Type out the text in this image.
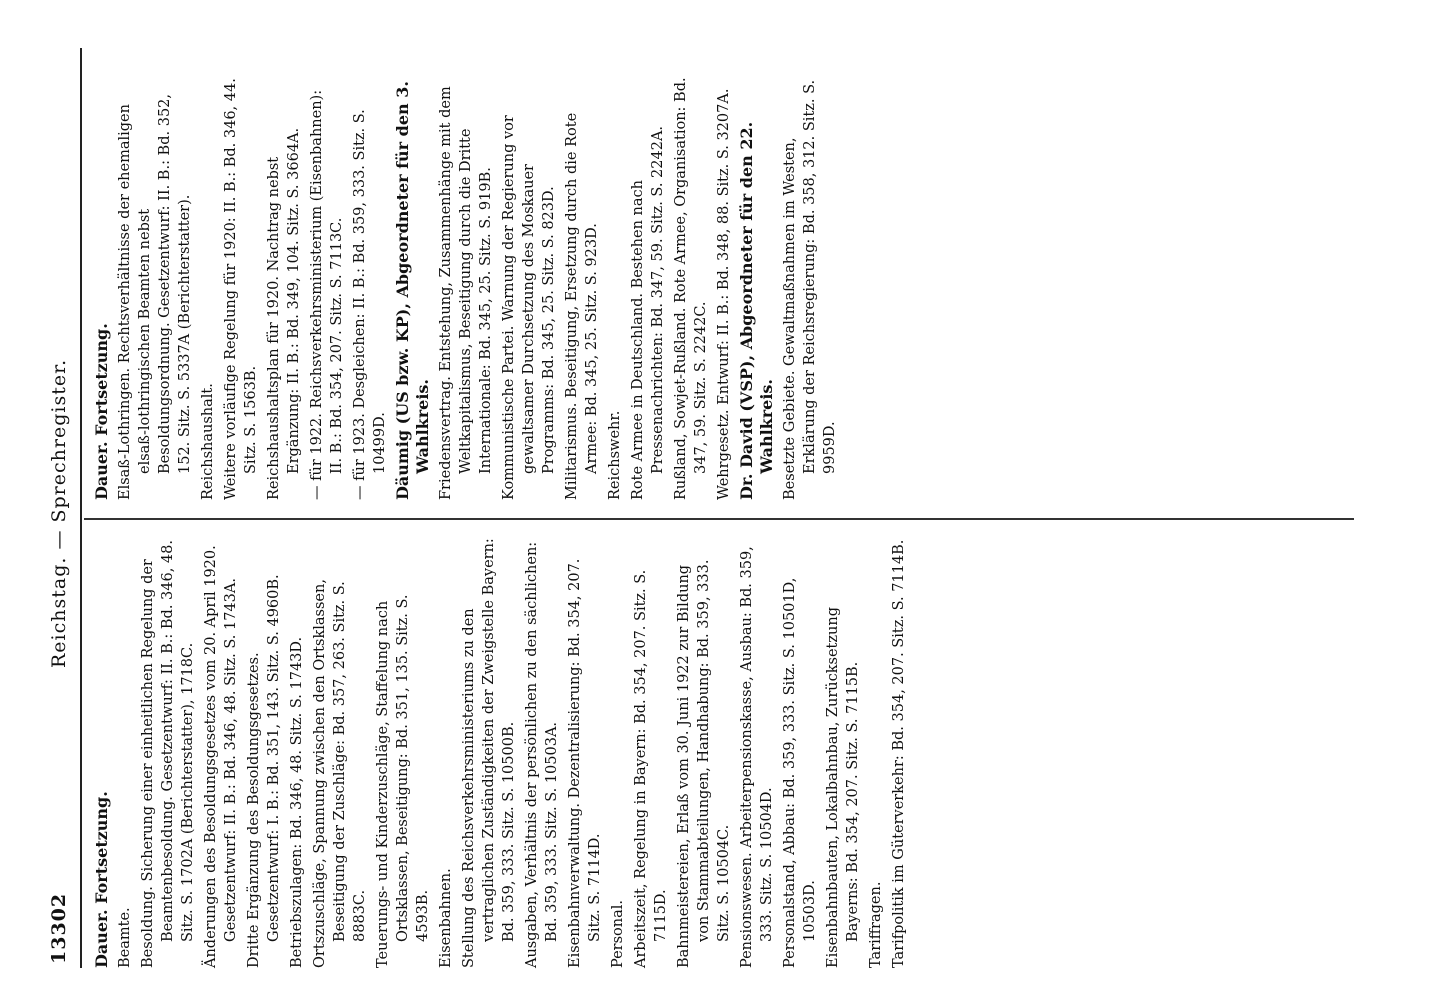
13302
Reichstag. — Sprechregister.

Dauer. Fortsetzung. Beamte. Besoldung. Sicherung einer einheitlichen Regelung der Beamtenbesoldung. Gesetzentwurf: II. B.: Bd. 346, 48. Sitz. S. 1702A (Berichterstatter), 1718C. Änderungen des Besoldungsgesetzes vom 20. April 1920. Gesetzentwurf: II. B.: Bd. 346, 48. Sitz. S. 1743A. Dritte Ergänzung des Besoldungsgesetzes. Gesetzentwurf: I. B.: Bd. 351, 143. Sitz. S. 4960B. Betriebszulagen: Bd. 346, 48. Sitz. S. 1743D. Ortszuschläge, Spannung zwischen den Ortsklassen, Beseitigung der Zuschläge: Bd. 357, 263. Sitz. S. 8883C. Teuerungs- und Kinderzuschläge, Staffelung nach Ortsklassen, Beseitigung: Bd. 351, 135. Sitz. S. 4593B. Eisenbahnen. Stellung des Reichsverkehrsministeriums zu den vertraglichen Zuständigkeiten der Zweigstelle Bayern: Bd. 359, 333. Sitz. S. 10500B. Ausgaben, Verhältnis der persönlichen zu den sächlichen: Bd. 359, 333. Sitz. S. 10503A. Eisenbahnverwaltung. Dezentralisierung: Bd. 354, 207. Sitz. S. 7114D. Personal. Arbeitszeit, Regelung in Bayern: Bd. 354, 207. Sitz. S. 7115D. Bahnmeistereien, Erlaß vom 30. Juni 1922 zur Bildung von Stammabteilungen, Handhabung: Bd. 359, 333. Sitz. S. 10504C. Pensionswesen. Arbeiterpensionskasse, Ausbau: Bd. 359, 333. Sitz. S. 10504D. Personalstand, Abbau: Bd. 359, 333. Sitz. S. 10501D, 10503D. Eisenbahnbauten, Lokalbahnbau, Zurücksetzung Bayerns: Bd. 354, 207. Sitz. S. 7115B. Tariffragen. Tarifpolitik im Güterverkehr: Bd. 354, 207. Sitz. S. 7114B.

Dauer. Fortsetzung. Elsaß-Lothringen. Rechtsverhältnisse der ehemaligen elsaß-lothringischen Beamten nebst Besoldungsordnung. Gesetzentwurf: II. B.: Bd. 352, 152. Sitz. S. 5337A (Berichterstatter). Reichshaushalt. Weitere vorläufige Regelung für 1920: II. B.: Bd. 346, 44. Sitz. S. 1563B. Reichshaushaltsplan für 1920. Nachtrag nebst Ergänzung: II. B.: Bd. 349, 104. Sitz. S. 3664A. — für 1922. Reichsverkehrsministerium (Eisenbahnen): II. B.: Bd. 354, 207. Sitz. S. 7113C. — für 1923. Desgleichen: II. B.: Bd. 359, 333. Sitz. S. 10499D. Däumig (US bzw. KP), Abgeordneter für den 3. Wahlkreis. Friedensvertrag. Entstehung, Zusammenhänge mit dem Weltkapitalismus, Beseitigung durch die Dritte Internationale: Bd. 345, 25. Sitz. S. 919B. Kommunistische Partei. Warnung der Regierung vor gewaltsamer Durchsetzung des Moskauer Programms: Bd. 345, 25. Sitz. S. 823D. Militarismus. Beseitigung, Ersetzung durch die Rote Armee: Bd. 345, 25. Sitz. S. 923D. Reichswehr. Rote Armee in Deutschland. Bestehen nach Pressenachrichten: Bd. 347, 59. Sitz. S. 2242A. Rußland, Sowjet-Rußland. Rote Armee, Organisation: Bd. 347, 59. Sitz. S. 2242C. Wehrgesetz. Entwurf: II. B.: Bd. 348, 88. Sitz. S. 3207A. Dr. David (VSP), Abgeordneter für den 22. Wahlkreis. Besetzte Gebiete. Gewaltmaßnahmen im Westen, Erklärung der Reichsregierung: Bd. 358, 312. Sitz. S. 9959D.
